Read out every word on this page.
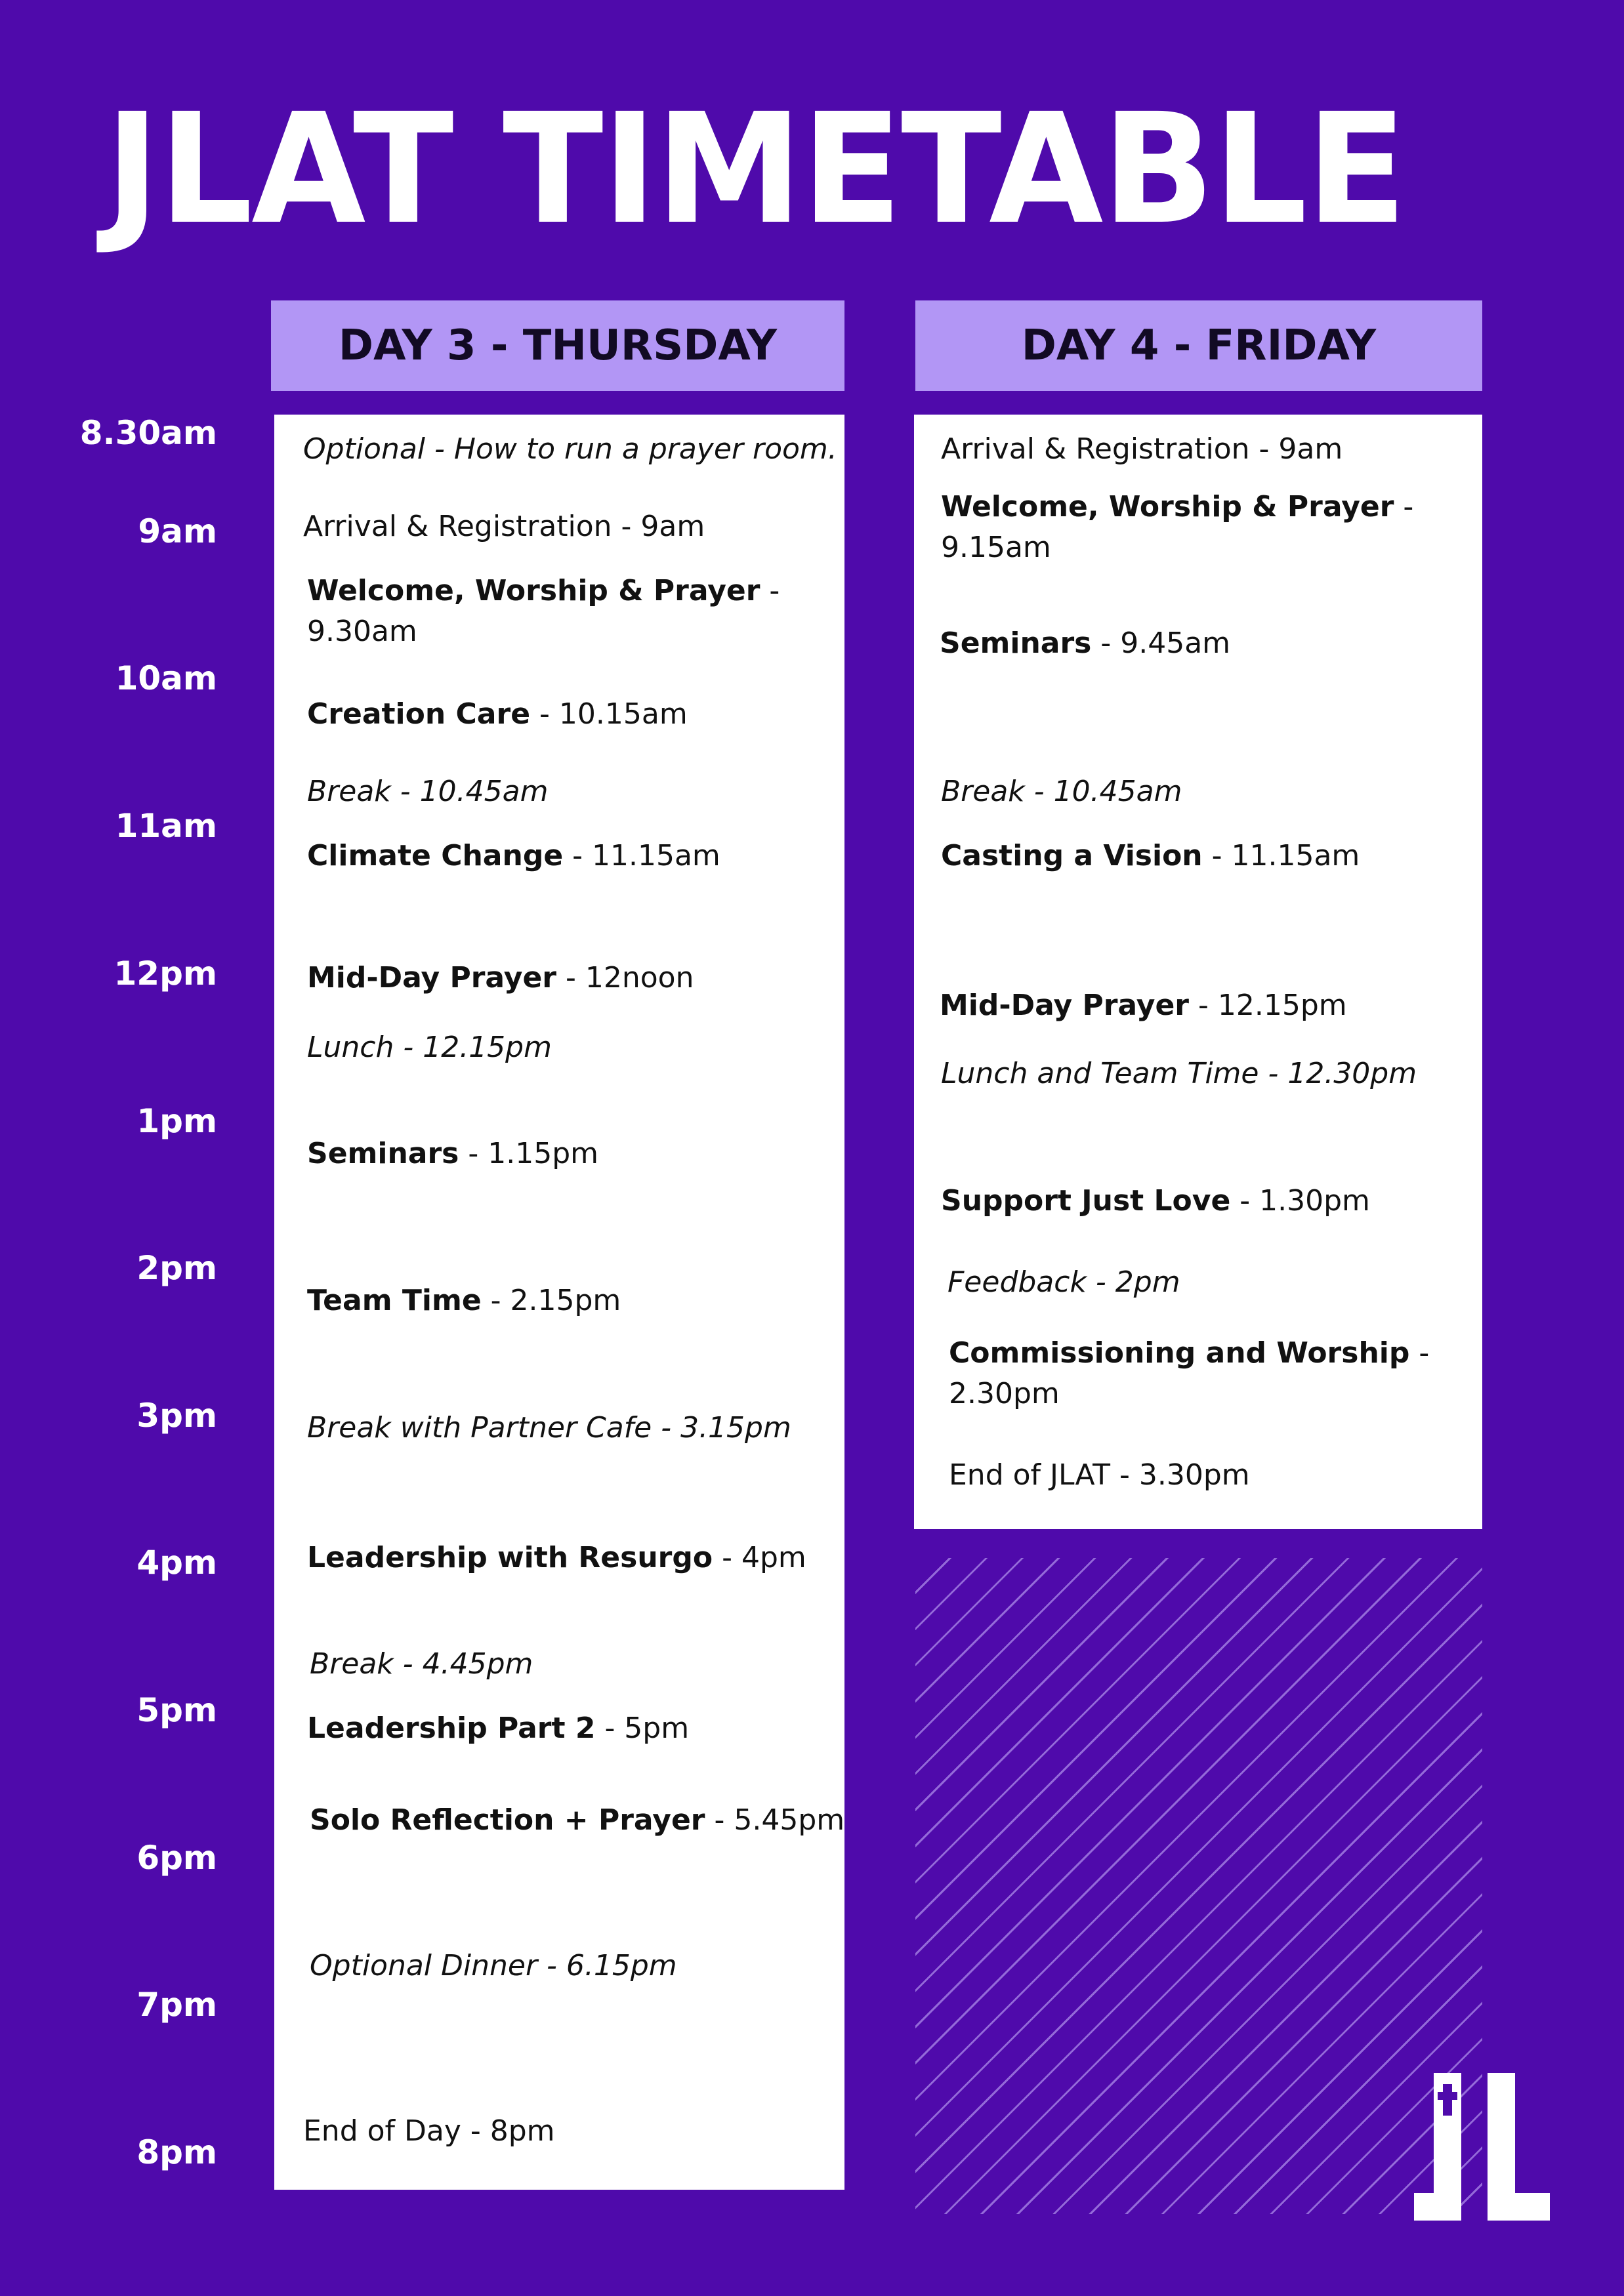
JLAT TIMETABLE
DAY 3 - THURSDAY	DAY 4 - FRIDAY
8.30am
9am
10am
11am
12pm
1pm
2pm
3pm
4pm
5pm
6pm
7pm
8pm
Optional - How to run a prayer room.
Arrival & Registration - 9am
Welcome, Worship & Prayer - 9.30am
Creation Care - 10.15am
Break - 10.45am
Climate Change - 11.15am
Mid-Day Prayer - 12noon
Lunch - 12.15pm
Seminars - 1.15pm
Team Time - 2.15pm
Break with Partner Cafe - 3.15pm
Leadership with Resurgo - 4pm
Break - 4.45pm
Leadership Part 2 - 5pm
Solo Reflection + Prayer - 5.45pm
Optional Dinner - 6.15pm
End of Day - 8pm
Arrival & Registration - 9am
Welcome, Worship & Prayer - 9.15am
Seminars - 9.45am
Break - 10.45am
Casting a Vision - 11.15am
Mid-Day Prayer - 12.15pm
Lunch and Team Time - 12.30pm
Support Just Love - 1.30pm
Feedback - 2pm
Commissioning and Worship - 2.30pm
End of JLAT - 3.30pm
